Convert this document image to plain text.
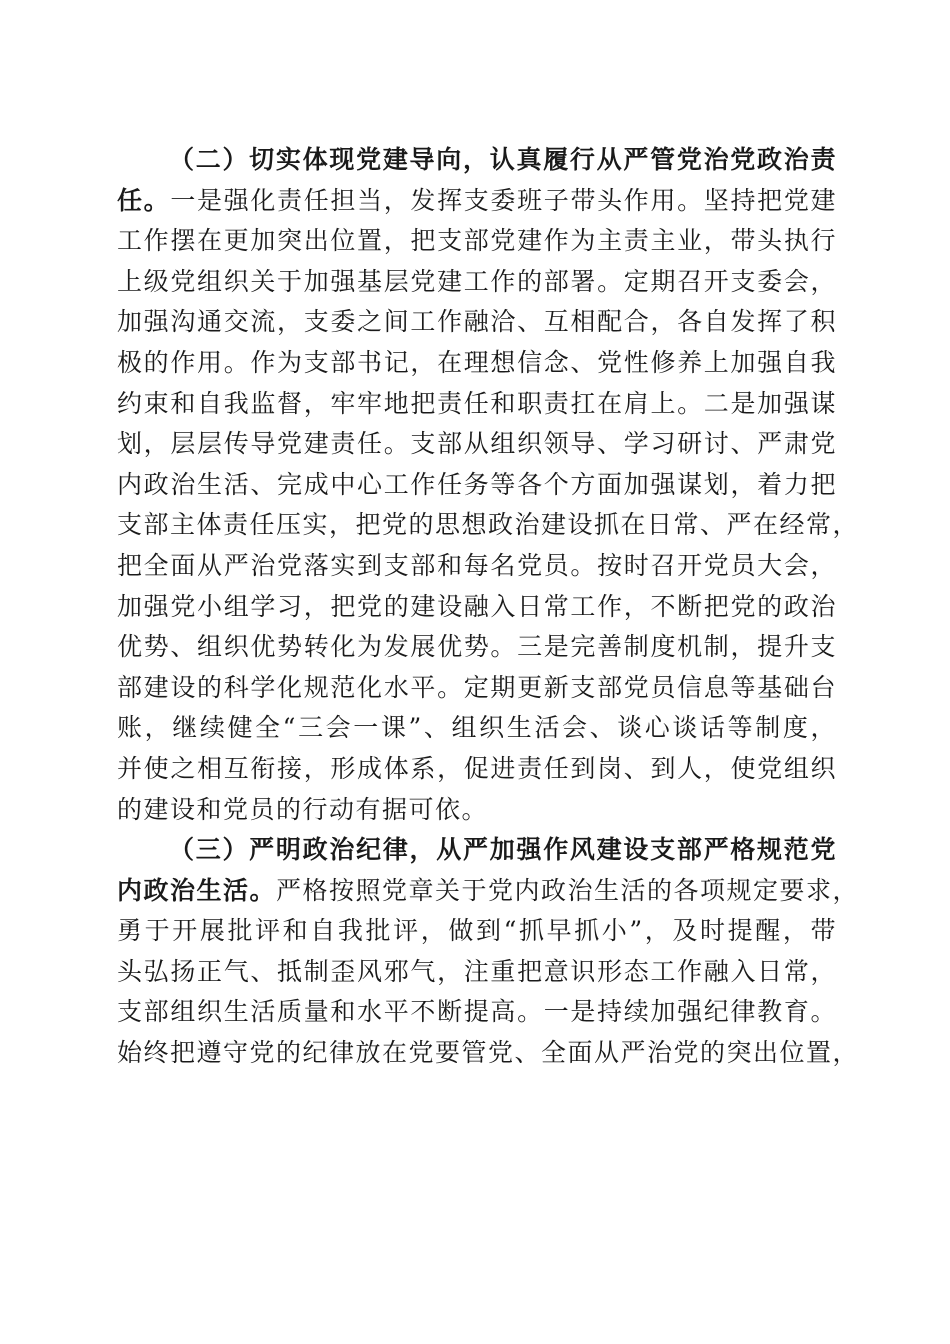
（二）切实体现党建导向，认真履行从严管党治党政治责
任。一是强化责任担当，发挥支委班子带头作用。坚持把党建
工作摆在更加突出位置，把支部党建作为主责主业，带头执行
上级党组织关于加强基层党建工作的部署。定期召开支委会，
加强沟通交流，支委之间工作融洽、互相配合，各自发挥了积
极的作用。作为支部书记，在理想信念、党性修养上加强自我
约束和自我监督，牢牢地把责任和职责扛在肩上。二是加强谋
划，层层传导党建责任。支部从组织领导、学习研讨、严肃党
内政治生活、完成中心工作任务等各个方面加强谋划，着力把
支部主体责任压实，把党的思想政治建设抓在日常、严在经常，
把全面从严治党落实到支部和每名党员。按时召开党员大会，
加强党小组学习，把党的建设融入日常工作，不断把党的政治
优势、组织优势转化为发展优势。三是完善制度机制，提升支
部建设的科学化规范化水平。定期更新支部党员信息等基础台
账，继续健全“三会一课”、组织生活会、谈心谈话等制度，
并使之相互衔接，形成体系，促进责任到岗、到人，使党组织
的建设和党员的行动有据可依。
（三）严明政治纪律，从严加强作风建设支部严格规范党
内政治生活。严格按照党章关于党内政治生活的各项规定要求，
勇于开展批评和自我批评，做到“抓早抓小”，及时提醒，带
头弘扬正气、抵制歪风邪气，注重把意识形态工作融入日常，
支部组织生活质量和水平不断提高。一是持续加强纪律教育。
始终把遵守党的纪律放在党要管党、全面从严治党的突出位置，
